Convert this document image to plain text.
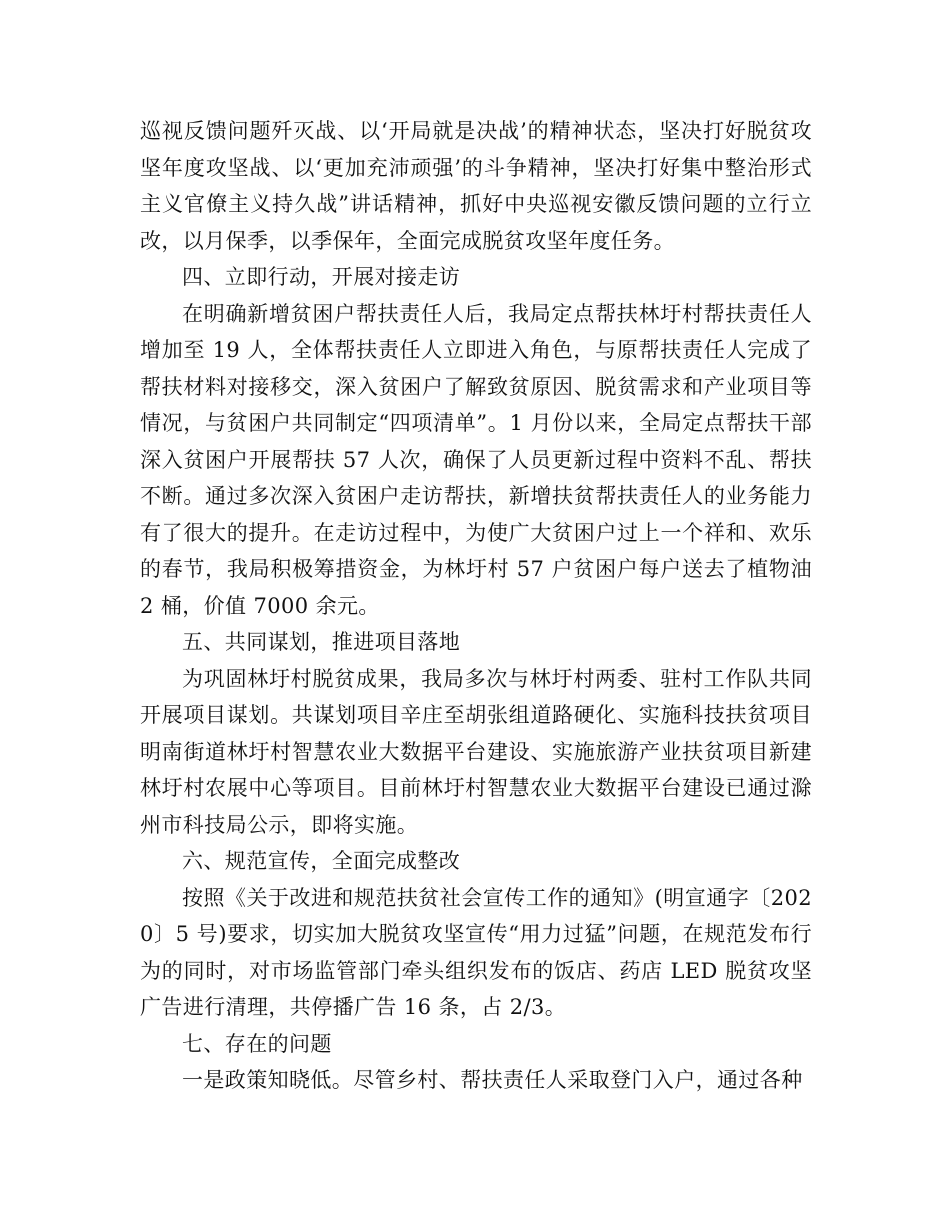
巡视反馈问题歼灭战、以‘开局就是决战’的精神状态，坚决打好脱贫攻坚年度攻坚战、以‘更加充沛顽强’的斗争精神，坚决打好集中整治形式主义官僚主义持久战”讲话精神，抓好中央巡视安徽反馈问题的立行立改，以月保季，以季保年，全面完成脱贫攻坚年度任务。

四、立即行动，开展对接走访

在明确新增贫困户帮扶责任人后，我局定点帮扶林圩村帮扶责任人增加至 19 人，全体帮扶责任人立即进入角色，与原帮扶责任人完成了帮扶材料对接移交，深入贫困户了解致贫原因、脱贫需求和产业项目等情况，与贫困户共同制定“四项清单”。1 月份以来，全局定点帮扶干部深入贫困户开展帮扶 57 人次，确保了人员更新过程中资料不乱、帮扶不断。通过多次深入贫困户走访帮扶，新增扶贫帮扶责任人的业务能力有了很大的提升。在走访过程中，为使广大贫困户过上一个祥和、欢乐的春节，我局积极筹措资金，为林圩村 57 户贫困户每户送去了植物油 2 桶，价值 7000 余元。

五、共同谋划，推进项目落地

为巩固林圩村脱贫成果，我局多次与林圩村两委、驻村工作队共同开展项目谋划。共谋划项目辛庄至胡张组道路硬化、实施科技扶贫项目明南街道林圩村智慧农业大数据平台建设、实施旅游产业扶贫项目新建林圩村农展中心等项目。目前林圩村智慧农业大数据平台建设已通过滁州市科技局公示，即将实施。

六、规范宣传，全面完成整改

按照《关于改进和规范扶贫社会宣传工作的通知》(明宣通字〔2020〕5 号)要求，切实加大脱贫攻坚宣传“用力过猛”问题，在规范发布行为的同时，对市场监管部门牵头组织发布的饭店、药店 LED 脱贫攻坚广告进行清理，共停播广告 16 条，占 2/3。

七、存在的问题

一是政策知晓低。尽管乡村、帮扶责任人采取登门入户，通过各种
